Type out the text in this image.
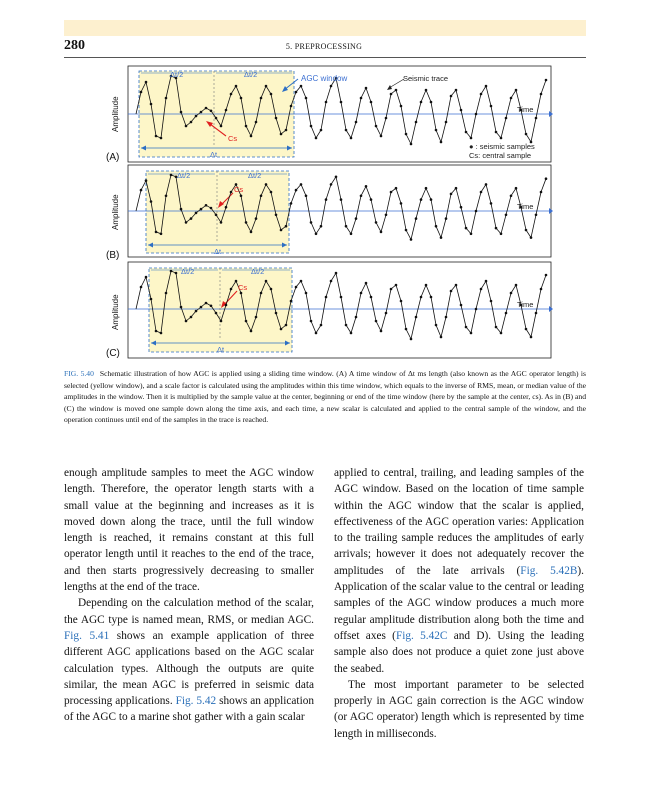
280	5. PREPROCESSING
Δt/2	Δt/2
Δt/2	Δt/2
Δt/2	Δt/2
Δt
Δt
Δt
AGC window	Seismic trace
Time
Time
Time
● : seismic samples
Cs: central sample
Cs
Cs
Cs
Amplitude
Amplitude
Amplitude
(A)
(B)
(C)
FIG. 5.40 Schematic illustration of how AGC is applied using a sliding time window. (A) A time window of Δt ms length (also known as the AGC operator length) is selected (yellow window), and a scale factor is calculated using the amplitudes within this time window, which equals to the inverse of RMS, mean, or median value of the amplitudes in the window. Then it is multiplied by the sample value at the center, beginning or end of the time window (here by the sample at the center, cs). As in (B) and (C) the window is moved one sample down along the time axis, and each time, a new scalar is calculated and applied to the central sample of the window, and the operation continues until end of the samples in the trace is reached.

enough amplitude samples to meet the AGC window length. Therefore, the operator length starts with a small value at the beginning and increases as it is moved down along the trace, until the full window length is reached, it remains constant at this full operator length until it reaches to the end of the trace, and then starts progressively decreasing to smaller lengths at the end of the trace.

Depending on the calculation method of the scalar, the AGC type is named mean, RMS, or median AGC. Fig. 5.41 shows an example application of three different AGC applications based on the AGC scalar calculation types. Although the outputs are quite similar, the mean AGC is preferred in seismic data processing applications. Fig. 5.42 shows an application of the AGC to a marine shot gather with a gain scalar

applied to central, trailing, and leading samples of the AGC window. Based on the location of time sample within the AGC window that the scalar is applied, effectiveness of the AGC operation varies: Application to the trailing sample reduces the amplitudes of early arrivals; however it does not adequately recover the amplitudes of the late arrivals (Fig. 5.42B). Application of the scalar value to the central or leading samples of the AGC window produces a much more regular amplitude distribution along both the time and offset axes (Fig. 5.42C and D). Using the leading sample also does not produce a quiet zone just above the seabed.

The most important parameter to be selected properly in AGC gain correction is the AGC window (or AGC operator) length which is represented by time length in milliseconds.
